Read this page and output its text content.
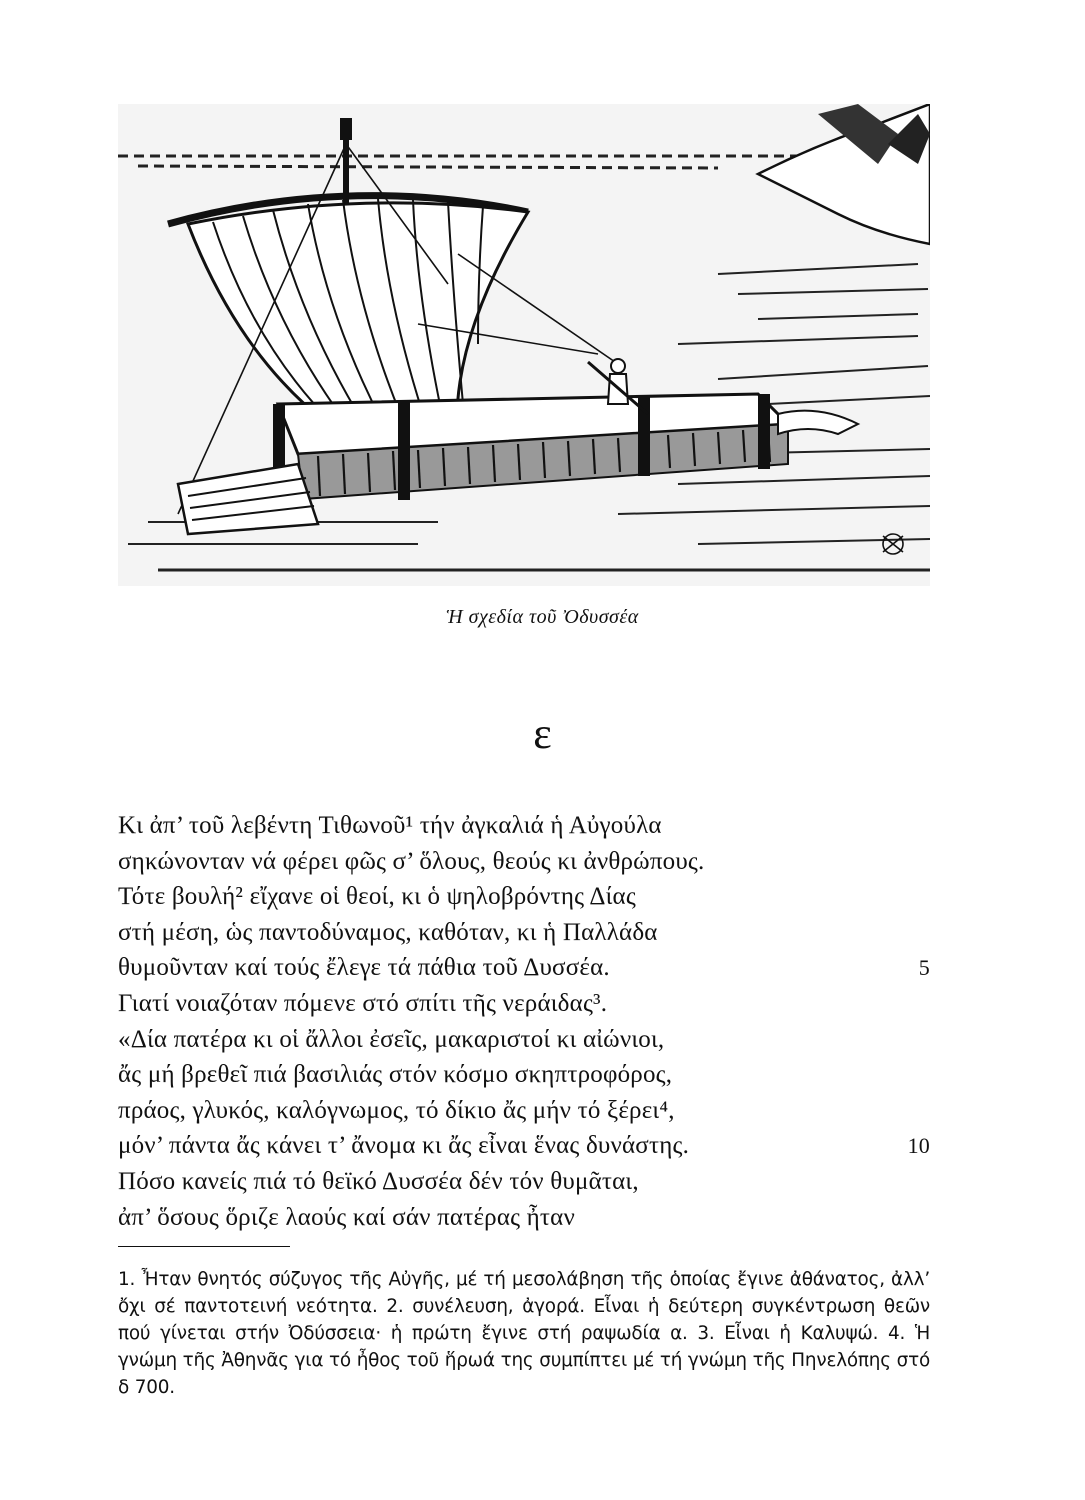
Ἡ σχεδία τοῦ Ὀδυσσέα
ε
Κι ἀπ’ τοῦ λεβέντη Τιθωνοῦ¹ τήν ἀγκαλιά ἡ Αὐγούλα
σηκώνονταν νά φέρει φῶς σ’ ὅλους, θεούς κι ἀνθρώπους.
Τότε βουλή² εἴχανε οἱ θεοί, κι ὁ ψηλοβρόντης Δίας
στή μέση, ὡς παντοδύναμος, καθόταν, κι ἡ Παλλάδα
θυμοῦνταν καί τούς ἔλεγε τά πάθια τοῦ Δυσσέα.	5
Γιατί νοιαζόταν πόμενε στό σπίτι τῆς νεράιδας³.
«Δία πατέρα κι οἱ ἄλλοι ἐσεῖς, μακαριστοί κι αἰώνιοι,
ἄς μή βρεθεῖ πιά βασιλιάς στόν κόσμο σκηπτροφόρος,
πράος, γλυκός, καλόγνωμος, τό δίκιο ἄς μήν τό ξέρει⁴,
μόν’ πάντα ἄς κάνει τ’ ἄνομα κι ἄς εἶναι ἕνας δυνάστης.	10
Πόσο κανείς πιά τό θεϊκό Δυσσέα δέν τόν θυμᾶται,
ἀπ’ ὅσους ὅριζε λαούς καί σάν πατέρας ἦταν
1. Ἦταν θνητός σύζυγος τῆς Αὐγῆς, μέ τή μεσολάβηση τῆς ὁποίας ἔγινε ἀθάνατος, ἀλλ’ ὄχι σέ παντοτεινή νεότητα. 2. συνέλευση, ἀγορά. Εἶναι ἡ δεύτερη συγκέντρωση θεῶν πού γίνεται στήν Ὀδύσσεια· ἡ πρώτη ἔγινε στή ραψωδία α. 3. Εἶναι ἡ Καλυψώ. 4. Ἡ γνώμη τῆς Ἀθηνᾶς για τό ἦθος τοῦ ἥρωά της συμπίπτει μέ τή γνώμη τῆς Πηνελόπης στό δ 700.
